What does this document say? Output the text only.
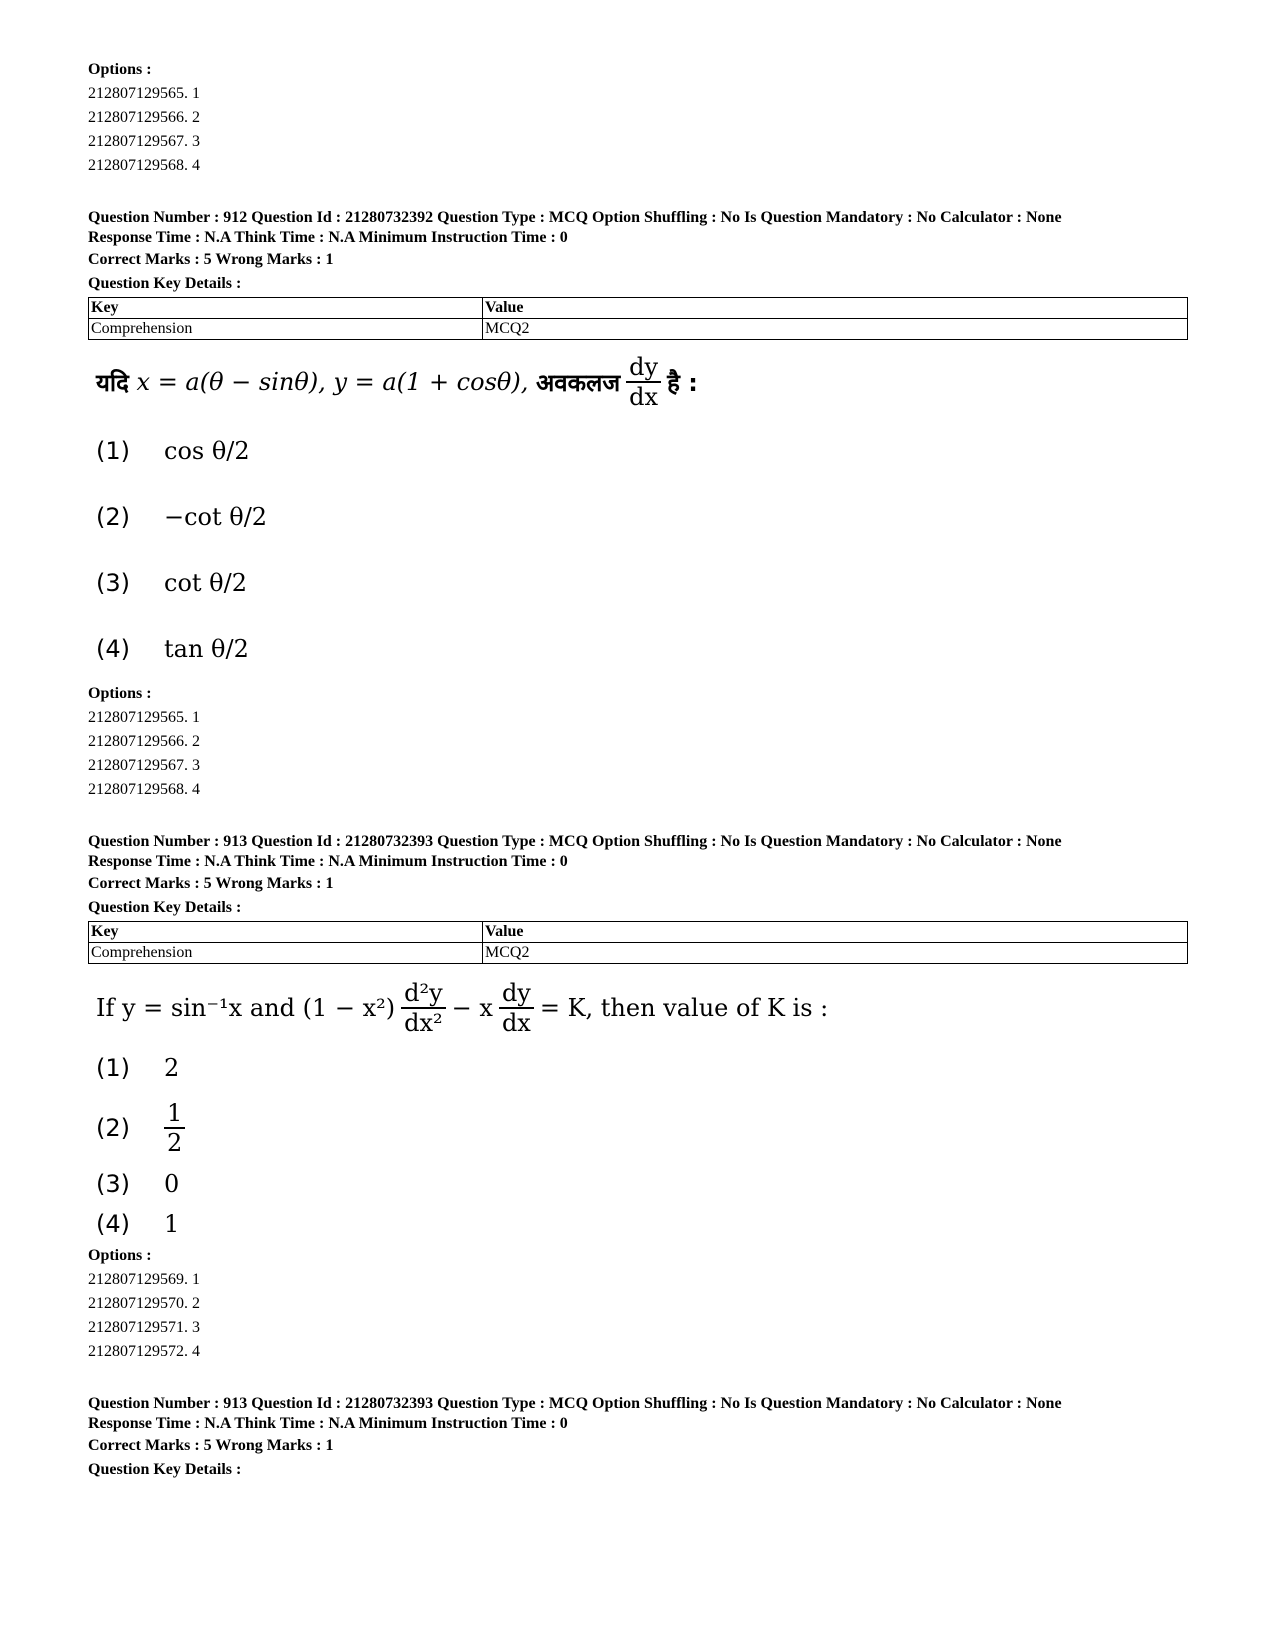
Options :
212807129565. 1
212807129566. 2
212807129567. 3
212807129568. 4
Question Number : 912 Question Id : 21280732392 Question Type : MCQ Option Shuffling : No Is Question Mandatory : No Calculator : None
Response Time : N.A Think Time : N.A Minimum Instruction Time : 0
Correct Marks : 5 Wrong Marks : 1
Question Key Details :
Key	Value
Comprehension	MCQ2
यदि
x = a(θ − sinθ), y = a(1 + cosθ),
अवकलज $\frac{dy}{dx}$ है :
(1)	cos θ/2
(2)	−cot θ/2
(3)	cot θ/2
(4)	tan θ/2
Options :
212807129565. 1
212807129566. 2
212807129567. 3
212807129568. 4
Question Number : 913 Question Id : 21280732393 Question Type : MCQ Option Shuffling : No Is Question Mandatory : No Calculator : None
Response Time : N.A Think Time : N.A Minimum Instruction Time : 0
Correct Marks : 5 Wrong Marks : 1
Question Key Details :
Key	Value
Comprehension	MCQ2
If y = sin⁻¹x and $(1 - x^2) \frac{\text{d²y}}{\text{dx²}} - x \frac{dy}{dx} = K$, then value of K is :
(1)	2
(2)	$\frac{1}{2}$
(3)	0
(4)	1
Options :
212807129569. 1
212807129570. 2
212807129571. 3
212807129572. 4
Question Number : 913 Question Id : 21280732393 Question Type : MCQ Option Shuffling : No Is Question Mandatory : No Calculator : None
Response Time : N.A Think Time : N.A Minimum Instruction Time : 0
Correct Marks : 5 Wrong Marks : 1
Question Key Details :
